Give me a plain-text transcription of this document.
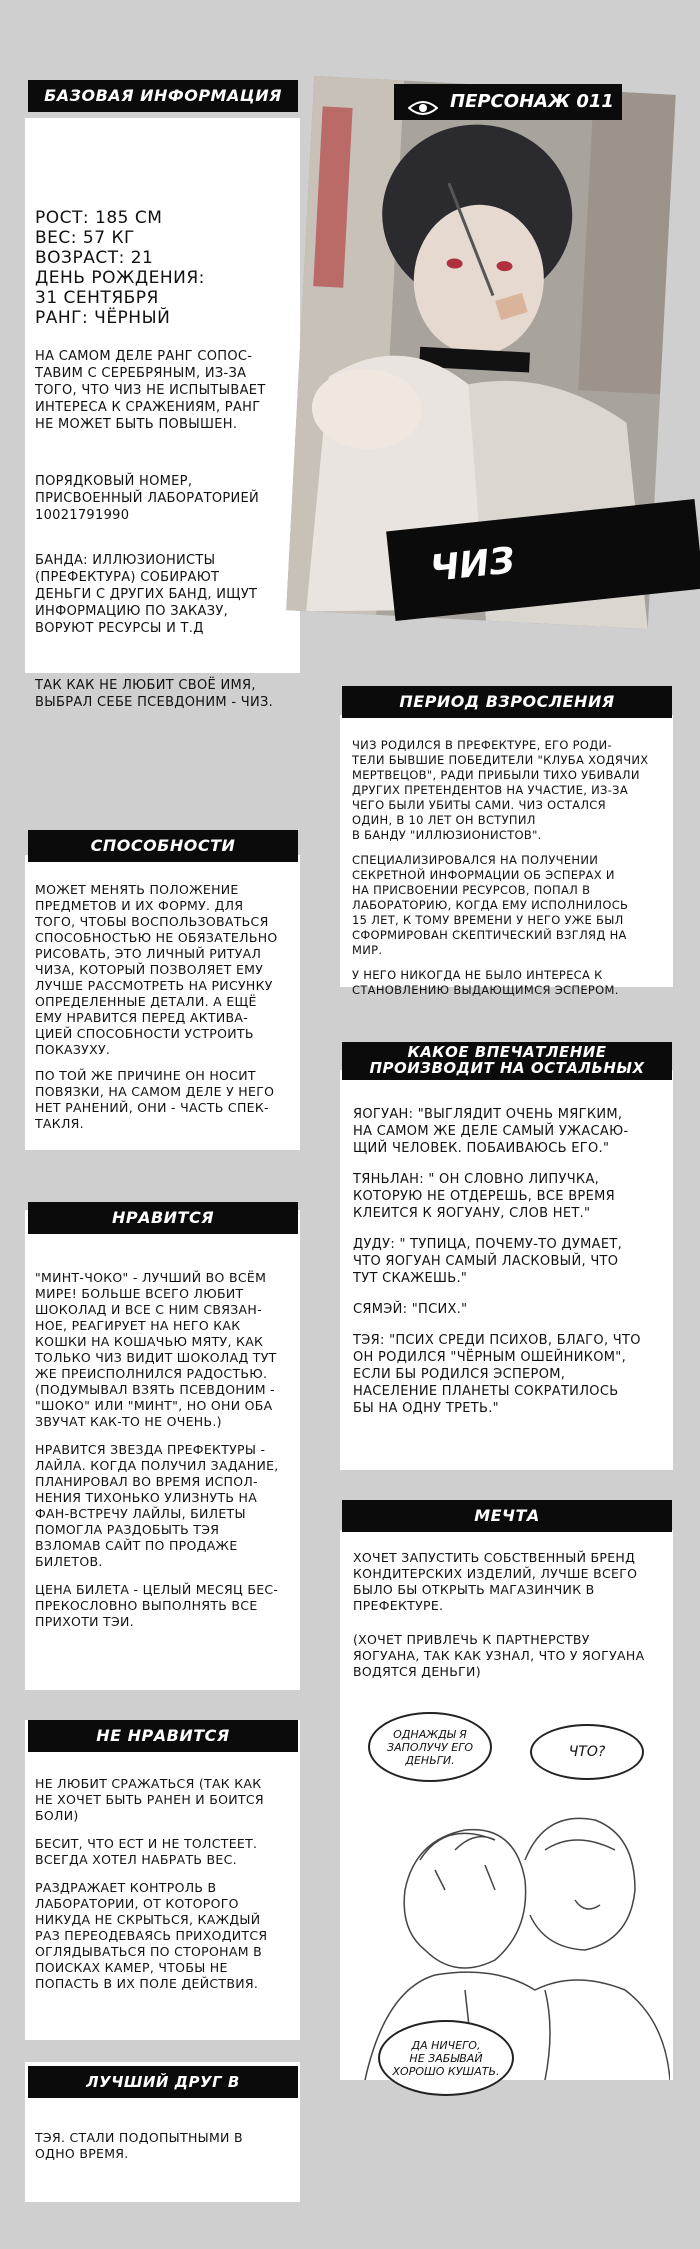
БАЗОВАЯ ИНФОРМАЦИЯ

РОСТ: 185 СМ
ВЕС: 57 КГ
ВОЗРАСТ: 21
ДЕНЬ РОЖДЕНИЯ:
31 СЕНТЯБРЯ
РАНГ: ЧЁРНЫЙ

НА САМОМ ДЕЛЕ РАНГ СОПОС-
ТАВИМ С СЕРЕБРЯНЫМ, ИЗ-ЗА
ТОГО, ЧТО ЧИЗ НЕ ИСПЫТЫВАЕТ
ИНТЕРЕСА К СРАЖЕНИЯМ, РАНГ
НЕ МОЖЕТ БЫТЬ ПОВЫШЕН.

ПОРЯДКОВЫЙ НОМЕР,
ПРИСВОЕННЫЙ ЛАБОРАТОРИЕЙ
10021791990

БАНДА: ИЛЛЮЗИОНИСТЫ
(ПРЕФЕКТУРА) СОБИРАЮТ
ДЕНЬГИ С ДРУГИХ БАНД, ИЩУТ
ИНФОРМАЦИЮ ПО ЗАКАЗУ,
ВОРУЮТ РЕСУРСЫ И Т.Д

ТАК КАК НЕ ЛЮБИТ СВОЁ ИМЯ,
ВЫБРАЛ СЕБЕ ПСЕВДОНИМ - ЧИЗ.

ПЕРСОНАЖ 011
ЧИЗ
ПЕРИОД ВЗРОСЛЕНИЯ

ЧИЗ РОДИЛСЯ В ПРЕФЕКТУРЕ, ЕГО РОДИ-
ТЕЛИ БЫВШИЕ ПОБЕДИТЕЛИ "КЛУБА ХОДЯЧИХ
МЕРТВЕЦОВ", РАДИ ПРИБЫЛИ ТИХО УБИВАЛИ
ДРУГИХ ПРЕТЕНДЕНТОВ НА УЧАСТИЕ, ИЗ-ЗА
ЧЕГО БЫЛИ УБИТЫ САМИ. ЧИЗ ОСТАЛСЯ
ОДИН, В 10 ЛЕТ ОН ВСТУПИЛ
В БАНДУ "ИЛЛЮЗИОНИСТОВ".

СПЕЦИАЛИЗИРОВАЛСЯ НА ПОЛУЧЕНИИ
СЕКРЕТНОЙ ИНФОРМАЦИИ ОБ ЭСПЕРАХ И
НА ПРИСВОЕНИИ РЕСУРСОВ, ПОПАЛ В
ЛАБОРАТОРИЮ, КОГДА ЕМУ ИСПОЛНИЛОСЬ
15 ЛЕТ, К ТОМУ ВРЕМЕНИ У НЕГО УЖЕ БЫЛ
СФОРМИРОВАН СКЕПТИЧЕСКИЙ ВЗГЛЯД НА
МИР.

У НЕГО НИКОГДА НЕ БЫЛО ИНТЕРЕСА К
СТАНОВЛЕНИЮ ВЫДАЮЩИМСЯ ЭСПЕРОМ.

СПОСОБНОСТИ

МОЖЕТ МЕНЯТЬ ПОЛОЖЕНИЕ
ПРЕДМЕТОВ И ИХ ФОРМУ. ДЛЯ
ТОГО, ЧТОБЫ ВОСПОЛЬЗОВАТЬСЯ
СПОСОБНОСТЬЮ НЕ ОБЯЗАТЕЛЬНО
РИСОВАТЬ, ЭТО ЛИЧНЫЙ РИТУАЛ
ЧИЗА, КОТОРЫЙ ПОЗВОЛЯЕТ ЕМУ
ЛУЧШЕ РАССМОТРЕТЬ НА РИСУНКУ
ОПРЕДЕЛЕННЫЕ ДЕТАЛИ. А ЕЩЁ
ЕМУ НРАВИТСЯ ПЕРЕД АКТИВА-
ЦИЕЙ СПОСОБНОСТИ УСТРОИТЬ
ПОКАЗУХУ.

ПО ТОЙ ЖЕ ПРИЧИНЕ ОН НОСИТ
ПОВЯЗКИ, НА САМОМ ДЕЛЕ У НЕГО
НЕТ РАНЕНИЙ, ОНИ - ЧАСТЬ СПЕК-
ТАКЛЯ.

КАКОЕ ВПЕЧАТЛЕНИЕ
ПРОИЗВОДИТ НА ОСТАЛЬНЫХ

ЯОГУАН: "ВЫГЛЯДИТ ОЧЕНЬ МЯГКИМ,
НА САМОМ ЖЕ ДЕЛЕ САМЫЙ УЖАСАЮ-
ЩИЙ ЧЕЛОВЕК. ПОБАИВАЮСЬ ЕГО."

ТЯНЬЛАН: " ОН СЛОВНО ЛИПУЧКА,
КОТОРУЮ НЕ ОТДЕРЕШЬ, ВСЕ ВРЕМЯ
КЛЕИТСЯ К ЯОГУАНУ, СЛОВ НЕТ."

ДУДУ: " ТУПИЦА, ПОЧЕМУ-ТО ДУМАЕТ,
ЧТО ЯОГУАН САМЫЙ ЛАСКОВЫЙ, ЧТО
ТУТ СКАЖЕШЬ."

СЯМЭЙ: "ПСИХ."

ТЭЯ: "ПСИХ СРЕДИ ПСИХОВ, БЛАГО, ЧТО
ОН РОДИЛСЯ "ЧЁРНЫМ ОШЕЙНИКОМ",
ЕСЛИ БЫ РОДИЛСЯ ЭСПЕРОМ,
НАСЕЛЕНИЕ ПЛАНЕТЫ СОКРАТИЛОСЬ
БЫ НА ОДНУ ТРЕТЬ."

НРАВИТСЯ

"МИНТ-ЧОКО" - ЛУЧШИЙ ВО ВСЁМ
МИРЕ! БОЛЬШЕ ВСЕГО ЛЮБИТ
ШОКОЛАД И ВСЕ С НИМ СВЯЗАН-
НОЕ, РЕАГИРУЕТ НА НЕГО КАК
КОШКИ НА КОШАЧЬЮ МЯТУ, КАК
ТОЛЬКО ЧИЗ ВИДИТ ШОКОЛАД ТУТ
ЖЕ ПРЕИСПОЛНИЛСЯ РАДОСТЬЮ.
(ПОДУМЫВАЛ ВЗЯТЬ ПСЕВДОНИМ -
"ШОКО" ИЛИ "МИНТ", НО ОНИ ОБА
ЗВУЧАТ КАК-ТО НЕ ОЧЕНЬ.)

НРАВИТСЯ ЗВЕЗДА ПРЕФЕКТУРЫ -
ЛАЙЛА. КОГДА ПОЛУЧИЛ ЗАДАНИЕ,
ПЛАНИРОВАЛ ВО ВРЕМЯ ИСПОЛ-
НЕНИЯ ТИХОНЬКО УЛИЗНУТЬ НА
ФАН-ВСТРЕЧУ ЛАЙЛЫ, БИЛЕТЫ
ПОМОГЛА РАЗДОБЫТЬ ТЭЯ
ВЗЛОМАВ САЙТ ПО ПРОДАЖЕ
БИЛЕТОВ.

ЦЕНА БИЛЕТА - ЦЕЛЫЙ МЕСЯЦ БЕС-
ПРЕКОСЛОВНО ВЫПОЛНЯТЬ ВСЕ
ПРИХОТИ ТЭИ.

МЕЧТА

ХОЧЕТ ЗАПУСТИТЬ СОБСТВЕННЫЙ БРЕНД
КОНДИТЕРСКИХ ИЗДЕЛИЙ, ЛУЧШЕ ВСЕГО
БЫЛО БЫ ОТКРЫТЬ МАГАЗИНЧИК В
ПРЕФЕКТУРЕ.

(ХОЧЕТ ПРИВЛЕЧЬ К ПАРТНЕРСТВУ
ЯОГУАНА, ТАК КАК УЗНАЛ, ЧТО У ЯОГУАНА
ВОДЯТСЯ ДЕНЬГИ)

ОДНАЖДЫ Я
ЗАПОЛУЧУ ЕГО
ДЕНЬГИ.
ЧТО?
ДА НИЧЕГО,
НЕ ЗАБЫВАЙ
ХОРОШО КУШАТЬ.
НЕ НРАВИТСЯ

НЕ ЛЮБИТ СРАЖАТЬСЯ (ТАК КАК
НЕ ХОЧЕТ БЫТЬ РАНЕН И БОИТСЯ
БОЛИ)

БЕСИТ, ЧТО ЕСТ И НЕ ТОЛСТЕЕТ.
ВСЕГДА ХОТЕЛ НАБРАТЬ ВЕС.

РАЗДРАЖАЕТ КОНТРОЛЬ В
ЛАБОРАТОРИИ, ОТ КОТОРОГО
НИКУДА НЕ СКРЫТЬСЯ, КАЖДЫЙ
РАЗ ПЕРЕОДЕВАЯСЬ ПРИХОДИТСЯ
ОГЛЯДЫВАТЬСЯ ПО СТОРОНАМ В
ПОИСКАХ КАМЕР, ЧТОБЫ НЕ
ПОПАСТЬ В ИХ ПОЛЕ ДЕЙСТВИЯ.

ЛУЧШИЙ ДРУГ В ЛАБОРАТОРИИ

ТЭЯ. СТАЛИ ПОДОПЫТНЫМИ В
ОДНО ВРЕМЯ.
